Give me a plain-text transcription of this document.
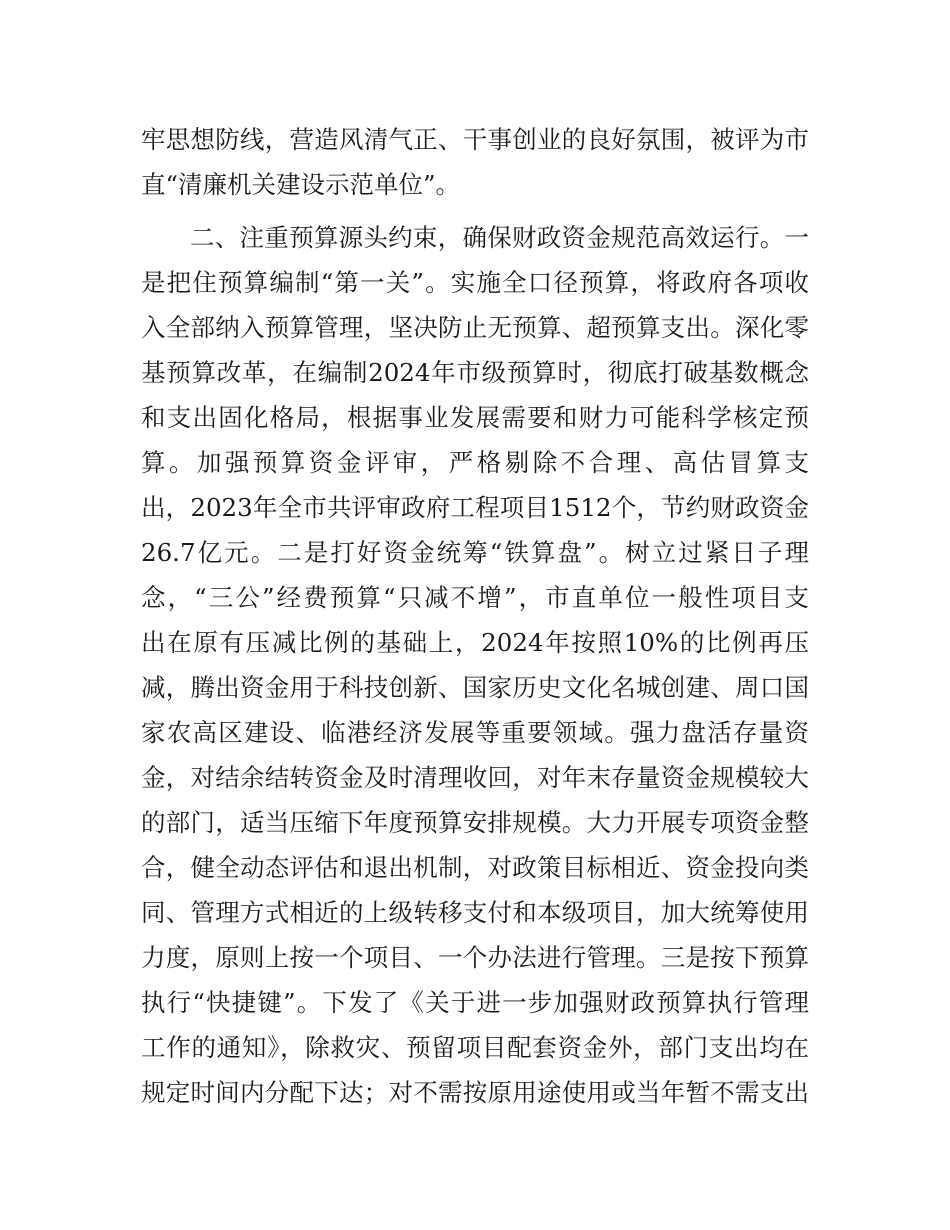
牢思想防线，营造风清气正、干事创业的良好氛围，被评为市
直“清廉机关建设示范单位”。
二、注重预算源头约束，确保财政资金规范高效运行。一
是把住预算编制“第一关”。实施全口径预算，将政府各项收
入全部纳入预算管理，坚决防止无预算、超预算支出。深化零
基预算改革，在编制2024年市级预算时，彻底打破基数概念
和支出固化格局，根据事业发展需要和财力可能科学核定预
算。加强预算资金评审，严格剔除不合理、高估冒算支
出，2023年全市共评审政府工程项目1512个，节约财政资金
26.7亿元。二是打好资金统筹“铁算盘”。树立过紧日子理
念，“三公”经费预算“只减不增”，市直单位一般性项目支
出在原有压减比例的基础上，2024年按照10%的比例再压
减，腾出资金用于科技创新、国家历史文化名城创建、周口国
家农高区建设、临港经济发展等重要领域。强力盘活存量资
金，对结余结转资金及时清理收回，对年末存量资金规模较大
的部门，适当压缩下年度预算安排规模。大力开展专项资金整
合，健全动态评估和退出机制，对政策目标相近、资金投向类
同、管理方式相近的上级转移支付和本级项目，加大统筹使用
力度，原则上按一个项目、一个办法进行管理。三是按下预算
执行“快捷键”。下发了《关于进一步加强财政预算执行管理
工作的通知》，除救灾、预留项目配套资金外，部门支出均在
规定时间内分配下达；对不需按原用途使用或当年暂不需支出
